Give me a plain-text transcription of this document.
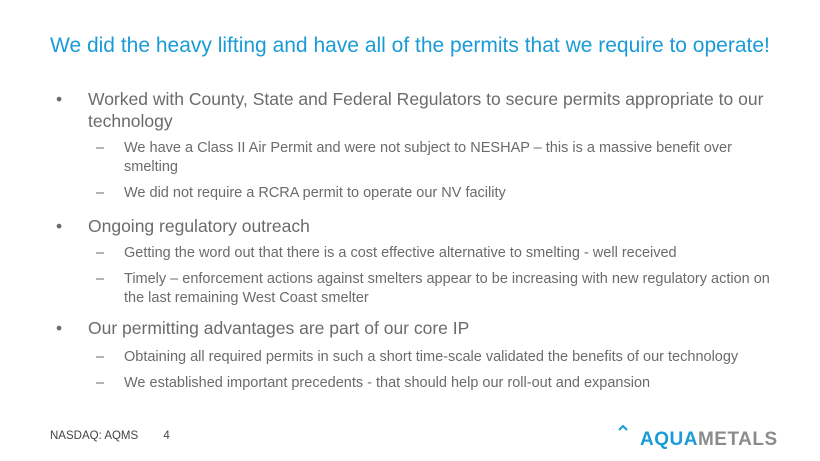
We did the heavy lifting and have all of the permits that we require to operate!

•	Worked with County, State and Federal Regulators to secure permits appropriate to our technology

–	We have a Class II Air Permit and were not subject to NESHAP – this is a massive benefit over smelting

–	We did not require a RCRA permit to operate our NV facility

•	Ongoing regulatory outreach

–	Getting the word out that there is a cost effective alternative to smelting - well received

–	Timely – enforcement actions against smelters appear to be increasing with new regulatory action on the last remaining West Coast smelter

•	Our permitting advantages are part of our core IP

–	Obtaining all required permits in such a short time-scale validated the benefits of our technology

–	We established important precedents - that should help our roll-out and expansion

NASDAQ: AQMS 4	AQUAMETALS
